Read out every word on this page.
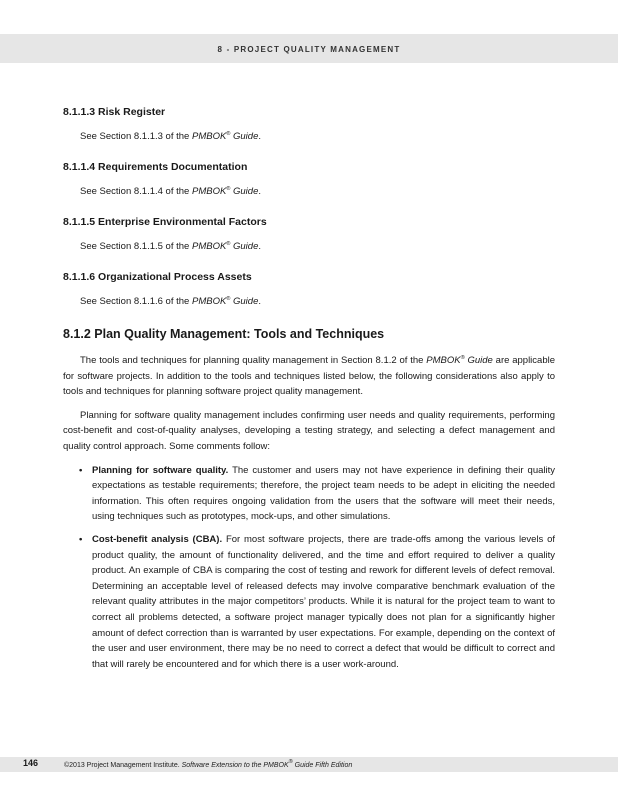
8 - PROJECT QUALITY MANAGEMENT
8.1.1.3 Risk Register

See Section 8.1.1.3 of the PMBOK® Guide.

8.1.1.4 Requirements Documentation

See Section 8.1.1.4 of the PMBOK® Guide.

8.1.1.5 Enterprise Environmental Factors

See Section 8.1.1.5 of the PMBOK® Guide.

8.1.1.6 Organizational Process Assets

See Section 8.1.1.6 of the PMBOK® Guide.

8.1.2 Plan Quality Management: Tools and Techniques

The tools and techniques for planning quality management in Section 8.1.2 of the PMBOK® Guide are applicable for software projects. In addition to the tools and techniques listed below, the following considerations also apply to tools and techniques for planning software project quality management.

Planning for software quality management includes confirming user needs and quality requirements, performing cost-benefit and cost-of-quality analyses, developing a testing strategy, and selecting a defect management and quality control approach. Some comments follow:

• Planning for software quality. The customer and users may not have experience in defining their quality expectations as testable requirements; therefore, the project team needs to be adept in eliciting the needed information. This often requires ongoing validation from the users that the software will meet their needs, using techniques such as prototypes, mock-ups, and other simulations.
• Cost-benefit analysis (CBA). For most software projects, there are trade-offs among the various levels of product quality, the amount of functionality delivered, and the time and effort required to deliver a quality product. An example of CBA is comparing the cost of testing and rework for different levels of defect removal. Determining an acceptable level of released defects may involve comparative benchmark evaluation of the relevant quality attributes in the major competitors’ products. While it is natural for the project team to want to correct all problems detected, a software project manager typically does not plan for a significantly higher amount of defect correction than is warranted by user expectations. For example, depending on the context of the user and user environment, there may be no need to correct a defect that would be difficult to correct and that will rarely be encountered and for which there is a user work-around.
146	©2013 Project Management Institute. Software Extension to the PMBOK® Guide Fifth Edition
